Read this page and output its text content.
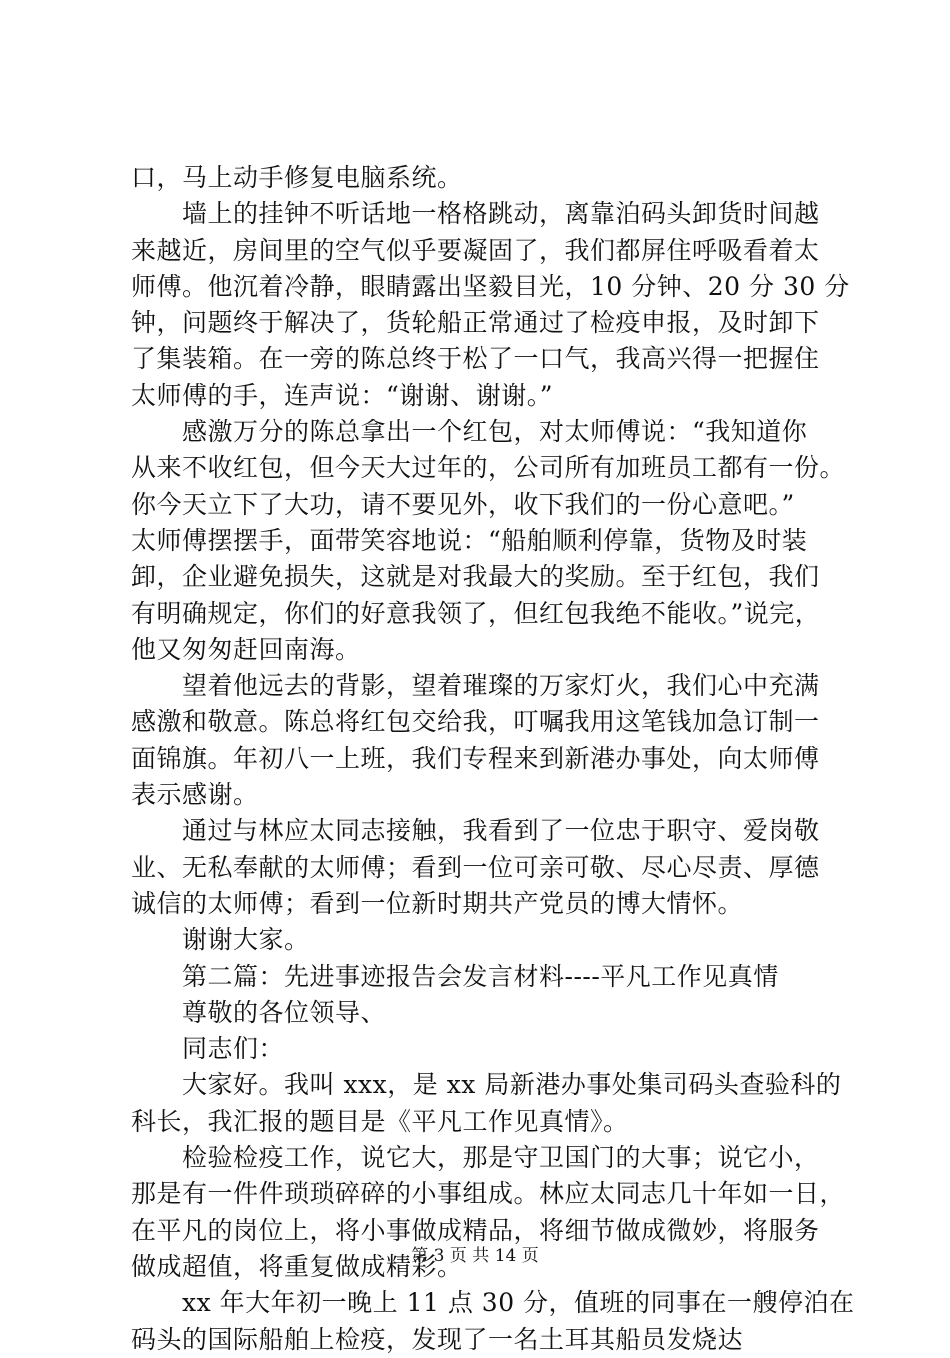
口，马上动手修复电脑系统。

　　墙上的挂钟不听话地一格格跳动，离靠泊码头卸货时间越

来越近，房间里的空气似乎要凝固了，我们都屏住呼吸看着太

师傅。他沉着冷静，眼睛露出坚毅目光，10 分钟、20 分 30 分

钟，问题终于解决了，货轮船正常通过了检疫申报，及时卸下

了集装箱。在一旁的陈总终于松了一口气，我高兴得一把握住

太师傅的手，连声说：“谢谢、谢谢。”

　　感激万分的陈总拿出一个红包，对太师傅说：“我知道你

从来不收红包，但今天大过年的，公司所有加班员工都有一份。

你今天立下了大功，请不要见外，收下我们的一份心意吧。”

太师傅摆摆手，面带笑容地说：“船舶顺利停靠，货物及时装

卸，企业避免损失，这就是对我最大的奖励。至于红包，我们

有明确规定，你们的好意我领了，但红包我绝不能收。”说完，

他又匆匆赶回南海。

　　望着他远去的背影，望着璀璨的万家灯火，我们心中充满

感激和敬意。陈总将红包交给我，叮嘱我用这笔钱加急订制一

面锦旗。年初八一上班，我们专程来到新港办事处，向太师傅

表示感谢。

　　通过与林应太同志接触，我看到了一位忠于职守、爱岗敬

业、无私奉献的太师傅；看到一位可亲可敬、尽心尽责、厚德

诚信的太师傅；看到一位新时期共产党员的博大情怀。

　　谢谢大家。

　　第二篇：先进事迹报告会发言材料----平凡工作见真情

　　尊敬的各位领导、

　　同志们：

　　大家好。我叫 xxx，是 xx 局新港办事处集司码头查验科的

科长，我汇报的题目是《平凡工作见真情》。

　　检验检疫工作，说它大，那是守卫国门的大事；说它小，

那是有一件件琐琐碎碎的小事组成。林应太同志几十年如一日，

在平凡的岗位上，将小事做成精品，将细节做成微妙，将服务

做成超值，将重复做成精彩。

　　xx 年大年初一晚上 11 点 30 分，值班的同事在一艘停泊在

码头的国际船舶上检疫，发现了一名土耳其船员发烧达

第 3 页 共 14 页
